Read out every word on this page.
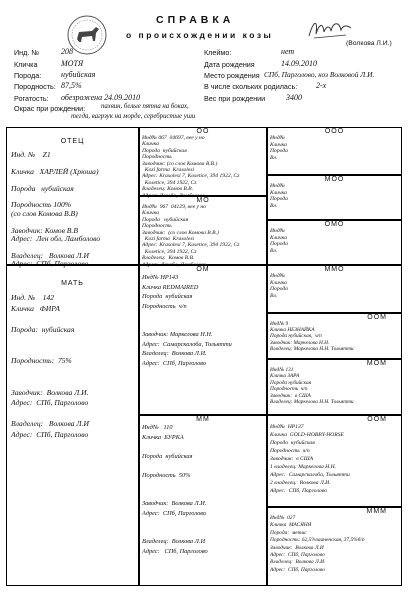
СПРАВКА
о происхождении козы
(Волкова Л.И.)
Инд. №	208
Кличка	МОТЯ
Порода: нубийская
Породность: 87,5%
Рогатость: обезрожена 24.09.2010
Клеймо:	нет
Дата рождения	14.09.2010
Место рождения СПб, Парголово, коз Волковой Л.И.
В числе скольких родилась: 2-х
Вес при рождении	3400
Окрас при рождении: пахвин, белые пятна на боках,
тегда, вагрзук на морде, серебристые уши
ОТЕЦ
Инд. №    Z1

Кличка   ХАРЛЕЙ (Хрюша)

Порода   нубийская

Породность 100%
(со слов Комова В.В)

Заводчик: Комов В.В
Адрес:  Лен обл, Ламболово

Владелец:   Волкова Л.И
Адрес:  СПб, Парголово
МАТЬ
Инд. №    142
Кличка   ФИРА

Порода:  нубийская

Породность:  75%

Заводчик:  Волкова Л.И.
Адрес:  СПб, Парголово

Владелец:   Волкова Л.И
Адрес:  СПб, Парголово
ОО
Инд№ 067  04697, вее у но
Кличка
Порода  нубийская
Породность
Заводчик: (со слов Комова В.В.)
Kozi farma  Krasolesi
Адрес: Krasolesi 7, Kosetice, 394 1922, Cz
Kosetice, 394 1922, Cz
Владелец: Комов В.В.
Адрес: Лехоба, Ламболово
МО
Инд№  967  04129, вее у но
Кличка
Порода   нубийская
Породность
Заводчик:  (со слов Комова В.В.)
Kozi farma  Krasolesi
Адрес: Krasolesi 7, Kosetice, 394 1922, Cz
Kosetice, 394 1922, Cz
Владелец:  Комов В.В.
Адрес:  Лехоба, Ламболово
ОМ
Инд№ НР143
Кличка REDMAIRED
Порода  нубийская
Породность  ч/п

Заводчик: Маркелова Н.Н.
Адрес:  Самарскалоба, Тольятти
Владелец:  Волкова Л.И.
Адрес:  СПб, Парголово
ММ
Инд№   110
Кличка  БУРКА

Порода  нубийская

Породность  50%

Заводчик:  Волкова Л.И.
Адрес:  СПб, Парголово

Владелец:  Волкова Л.И
Адрес:   СПб, Парголово
ООО
Инд№
Кличка
Порода
Вл.
МОО
Инд№
Кличка
Порода
Вл.
ОМО
Инд№
Кличка
Порода
Вл.
ММО
Инд№
Кличка
Порода
Вл.
ООМ
Инд№ 9
Кличка НЕЗНАЙКА
Порода нубийская,  ч/п
Заводчик: Маркелова Н.Н.
Владелец: Маркелова Н.Н. Тольятти
МОМ
Инд№ 131
Кличка ЗАРА
Порода нубийская
Породность  ч/п
Заводчик:  в США
Владелец: Маркелова Н.Н. Тольятти
ООМ
Инд№  НР137
Кличка  GOLD-HOBBY-HORSE
Порода  нубийская
Породность  ч/п
Заводчик:  в США
1 владелец: Маркелова Н.Н.
Адрес:  Самарскалоба, Тольятти
2 владелец:  Волкова Л.И.
Адрес:  СПб, Парголово
МММ
Инд№  027
Кличка  МАСЯНЯ
Порода:  метис
Породность: 62,5%зааненская, 37,5%б/п
Заводчик:  Волкова Л.И
Адрес:  СПб, Парголово
Владелец:  Волкова Л.И.
Адрес:  СПб, Парголово
